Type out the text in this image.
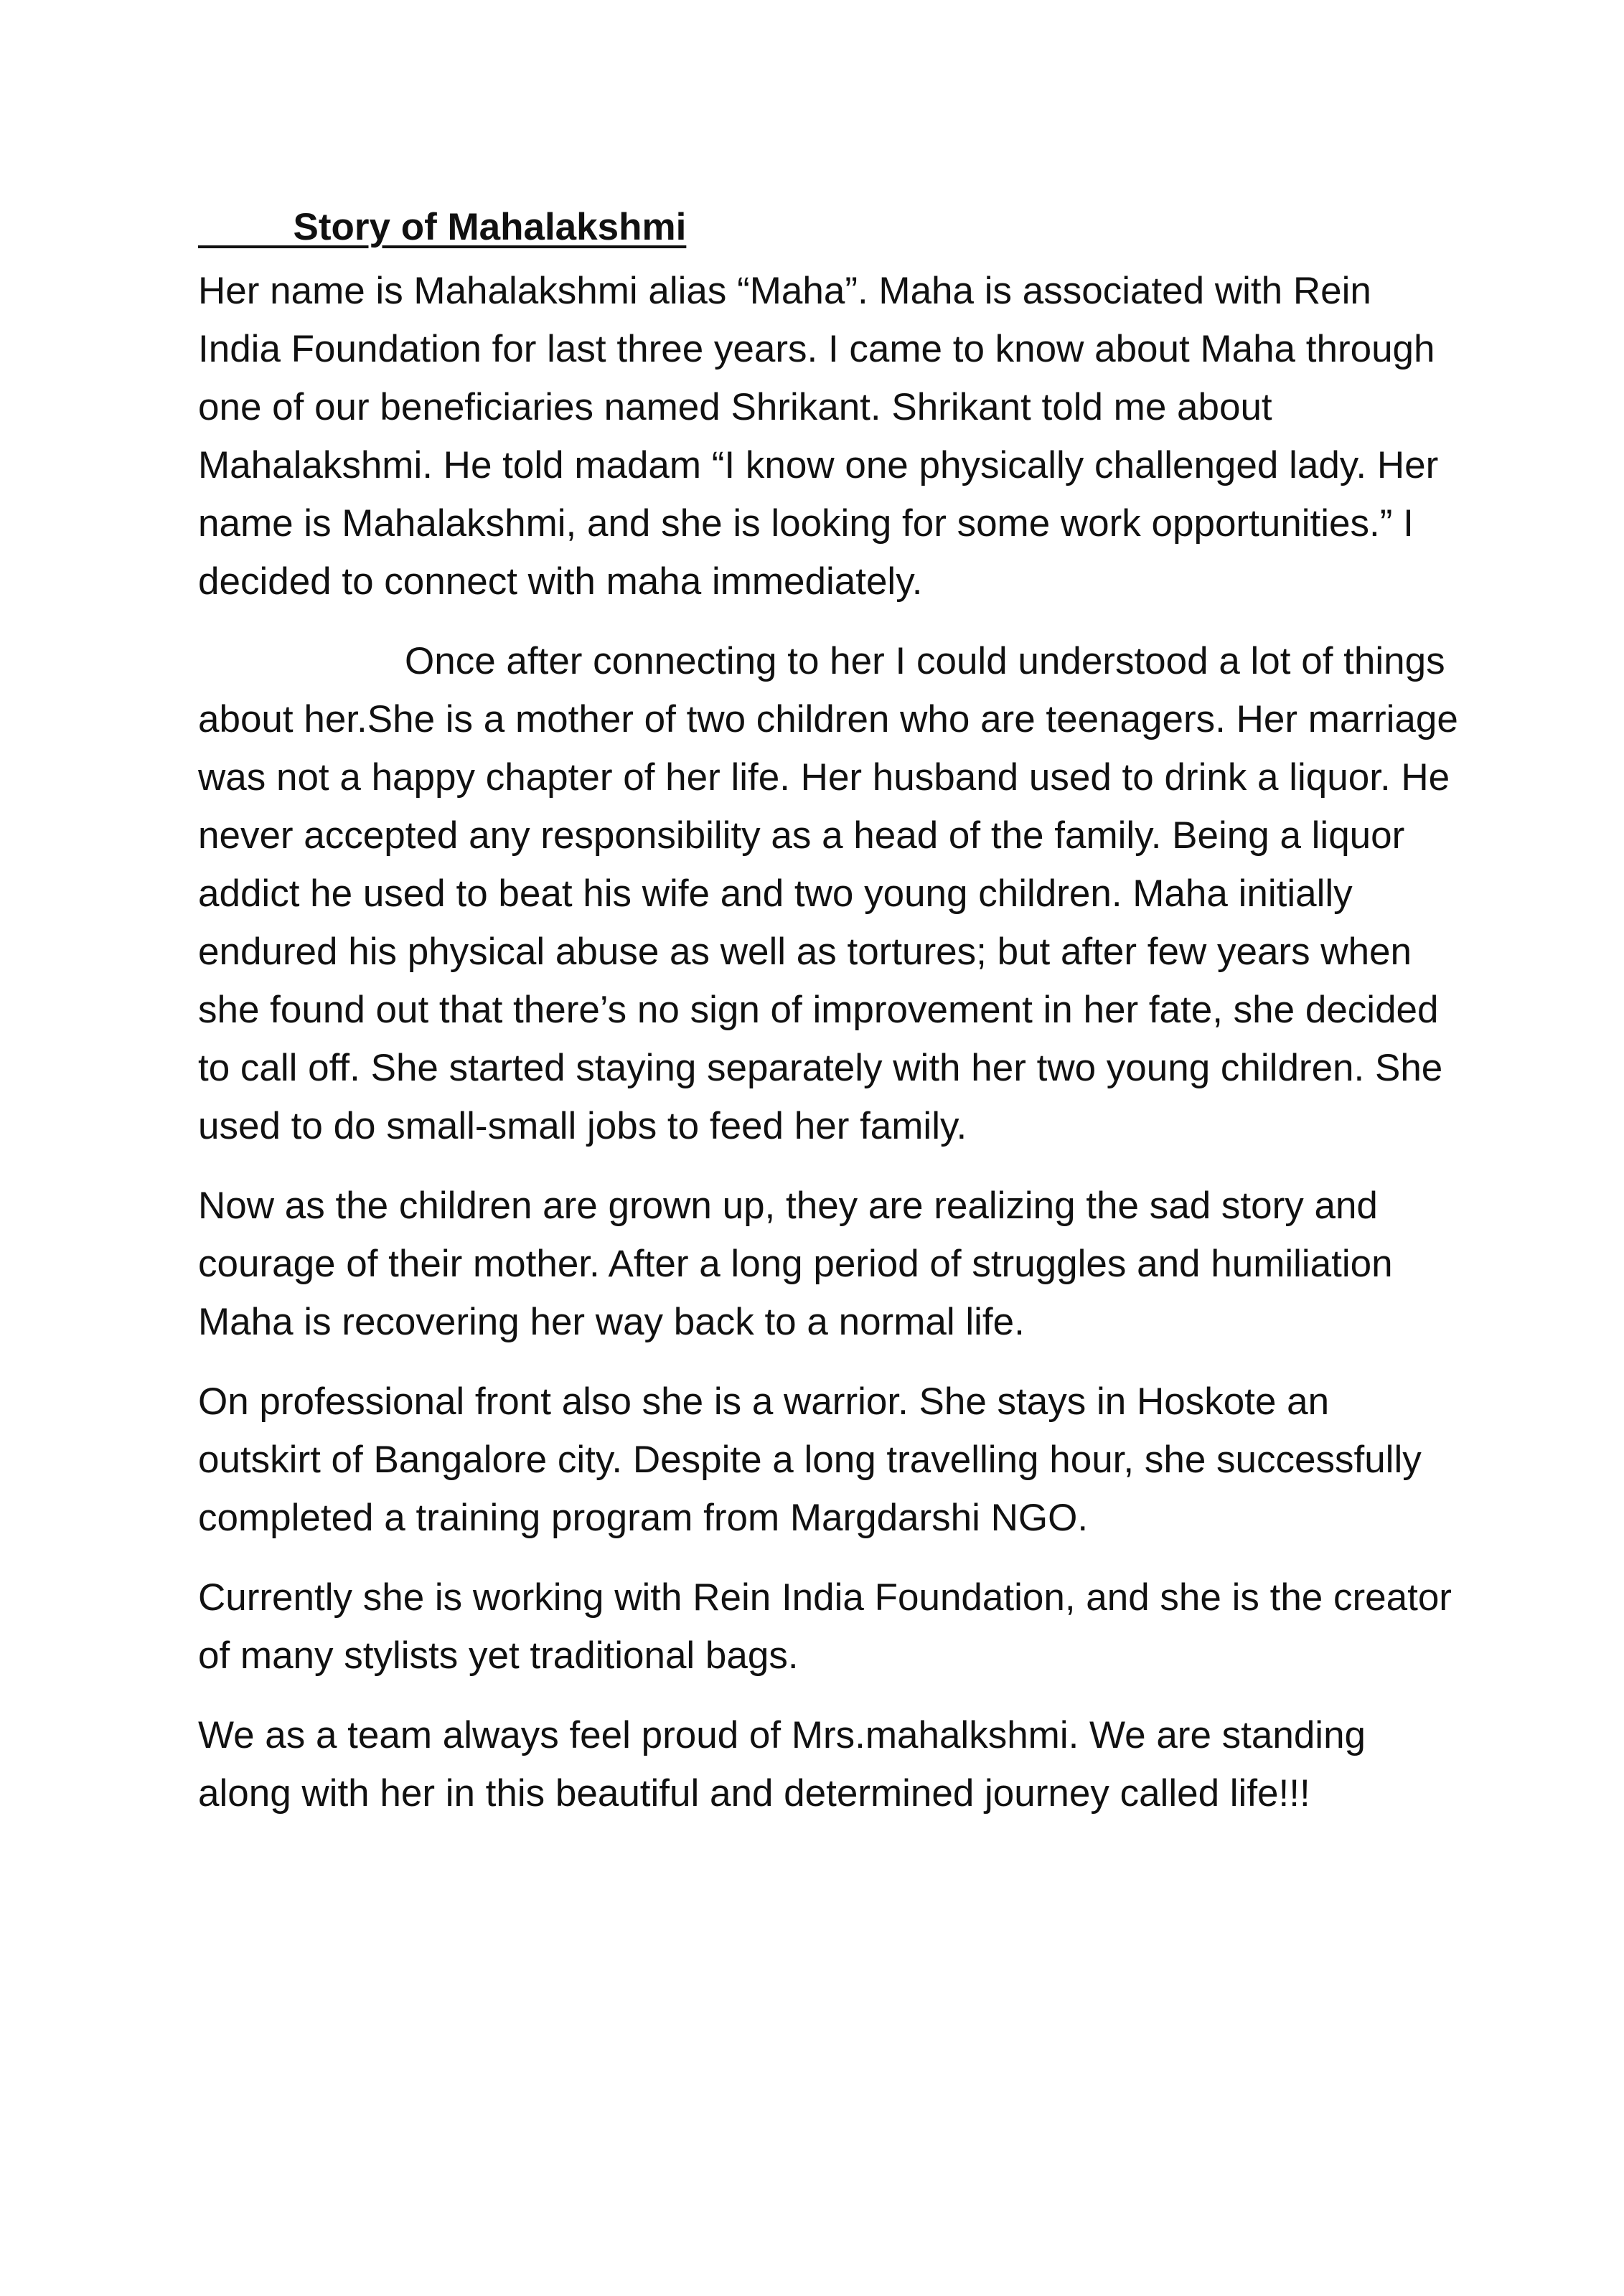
Story of Mahalakshmi

Her name is Mahalakshmi alias “Maha”. Maha is associated with Rein India Foundation for last three years. I came to know about Maha through one of our beneficiaries named Shrikant. Shrikant told me about Mahalakshmi. He told madam “I know one physically challenged lady. Her name is Mahalakshmi, and she is looking for some work opportunities.” I decided to connect with maha immediately.

Once after connecting to her I could understood a lot of things about her.She is a mother of two children who are teenagers. Her marriage was not a happy chapter of her life. Her husband used to drink a liquor. He never accepted any responsibility as a head of the family. Being a liquor addict he used to beat his wife and two young children. Maha initially endured his physical abuse as well as tortures; but after few years when she found out that there’s no sign of improvement in her fate, she decided to call off. She started staying separately with her two young children. She used to do small-small jobs to feed her family.

Now as the children are grown up, they are realizing the sad story and courage of their mother. After a long period of struggles and humiliation Maha is recovering her way back to a normal life.

On professional front also she is a warrior. She stays in Hoskote an outskirt of Bangalore city. Despite a long travelling hour, she successfully completed a training program from Margdarshi NGO.

Currently she is working with Rein India Foundation, and she is the creator of many stylists yet traditional bags.

We as a team always feel proud of Mrs.mahalkshmi. We are standing along with her in this beautiful and determined journey called life!!!
